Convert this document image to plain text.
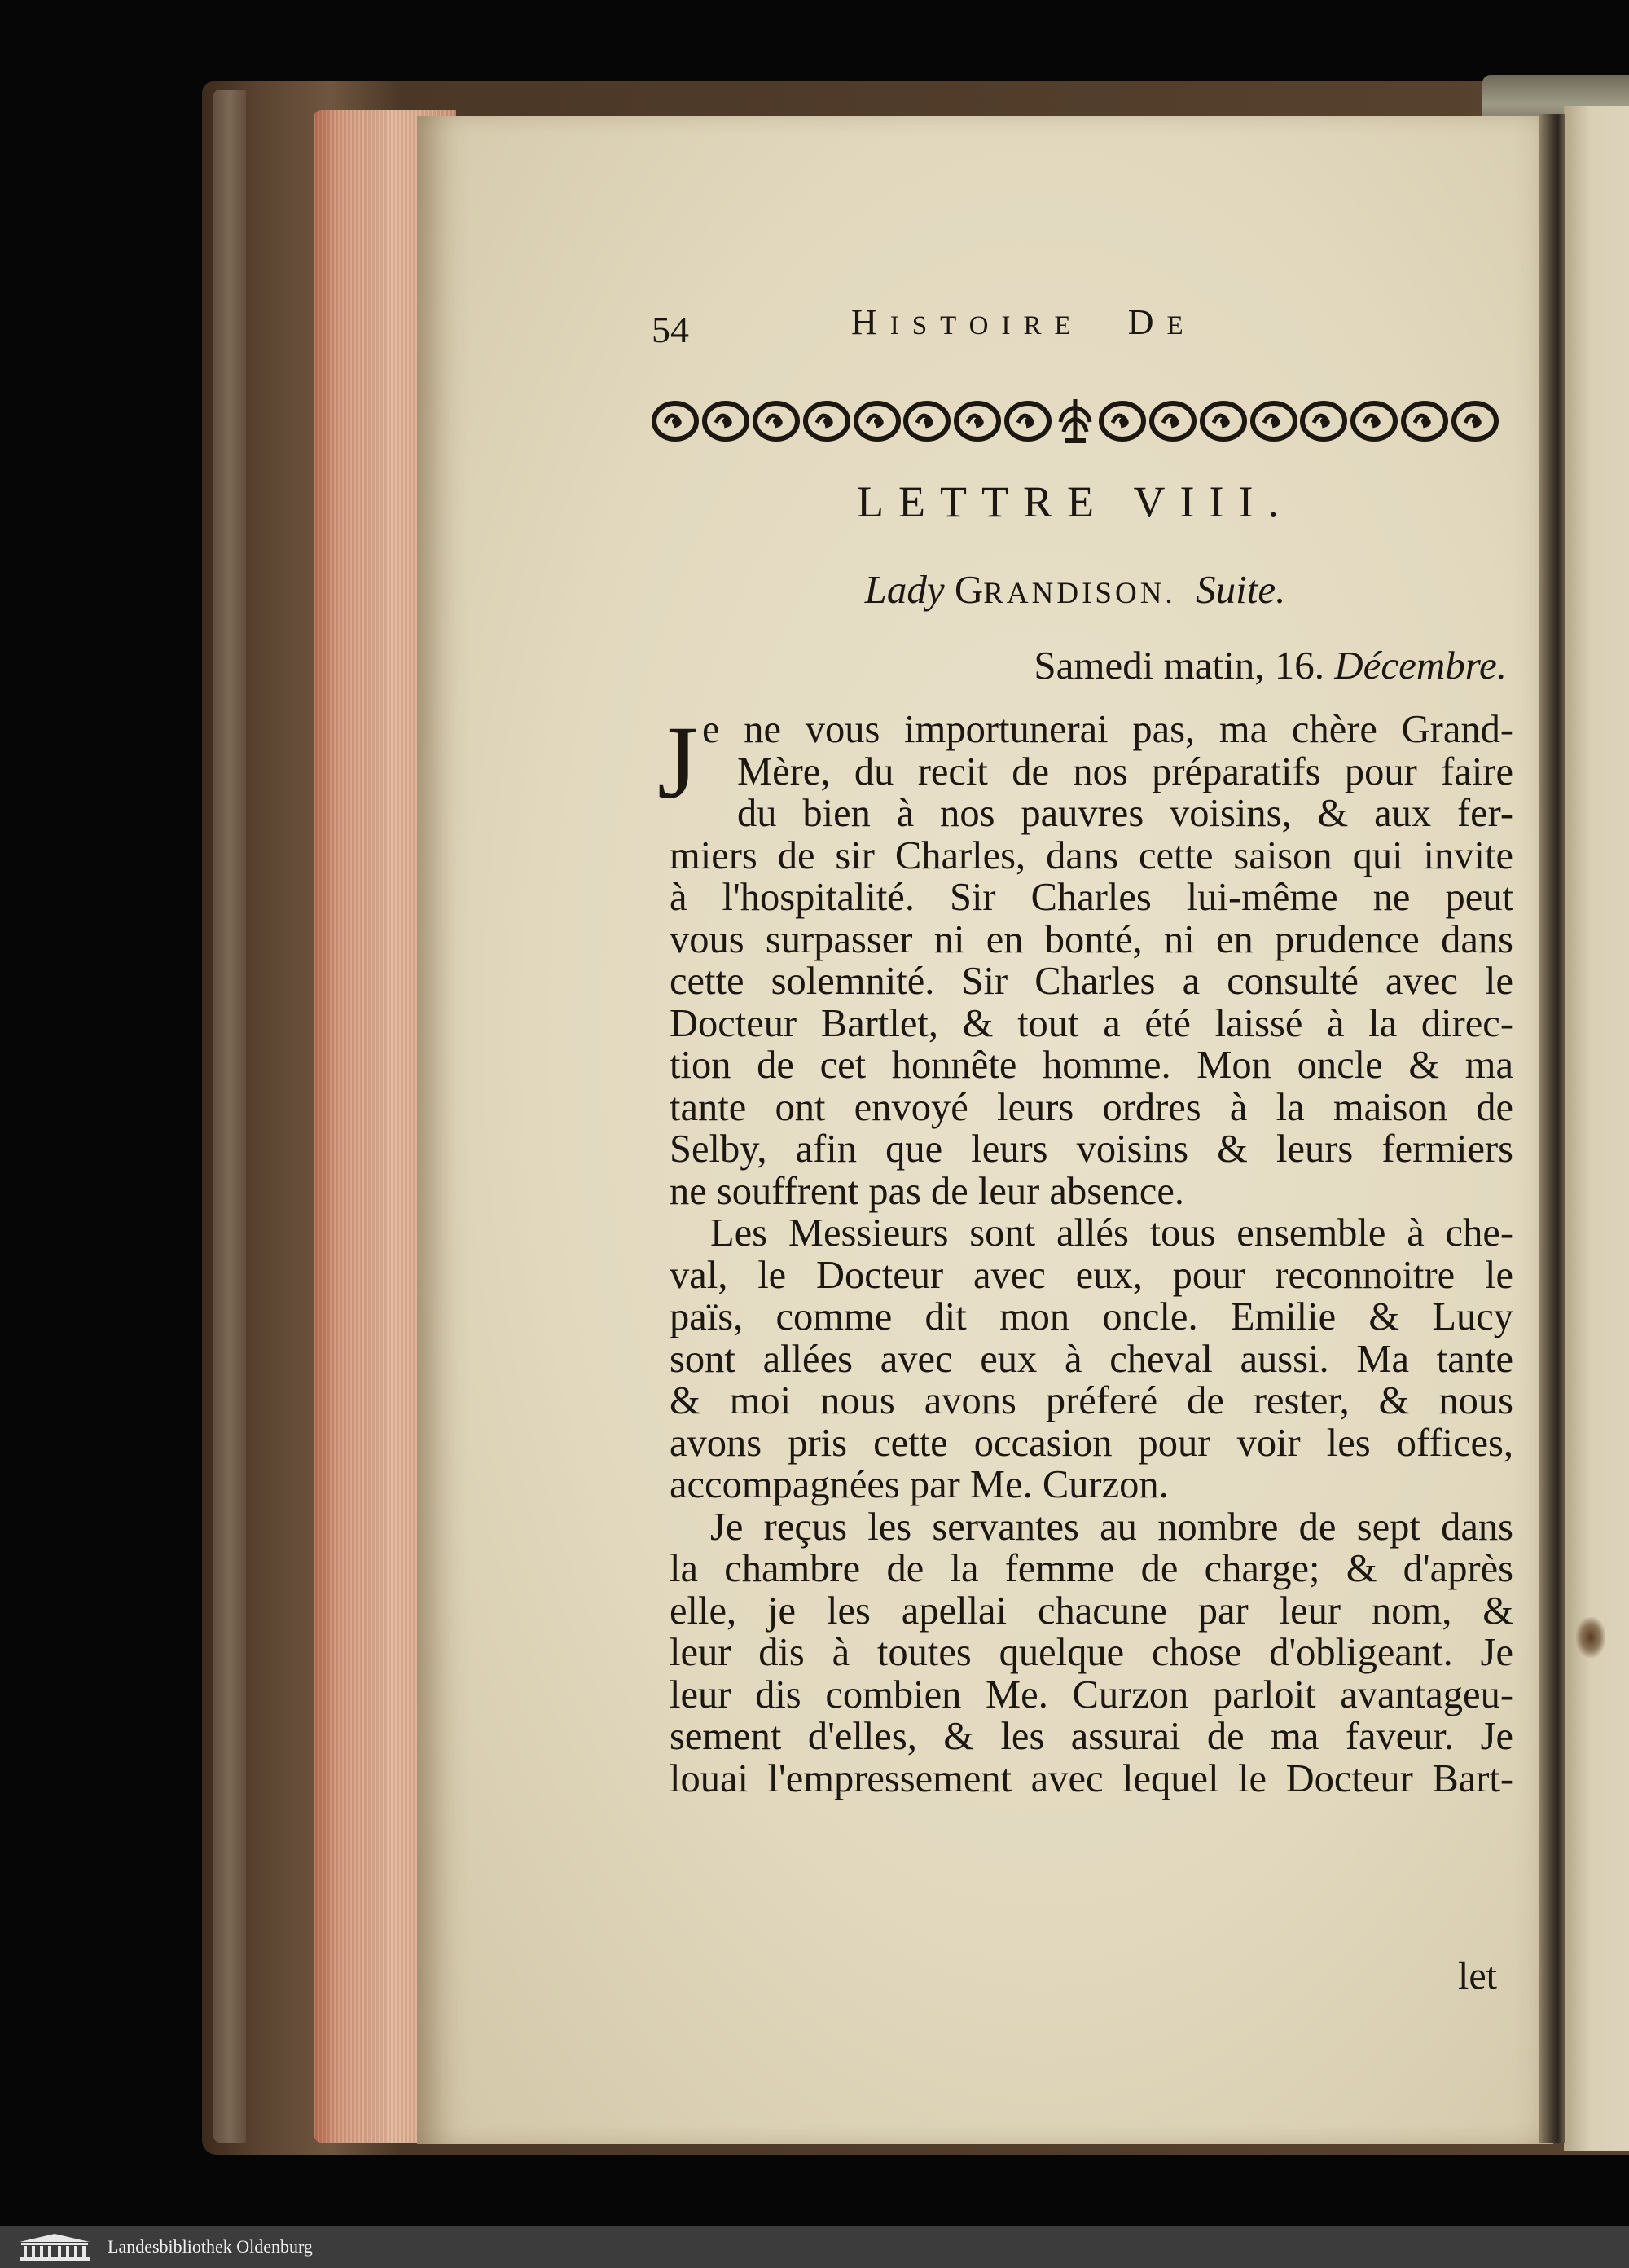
54	HISTOIRE DE
LETTRE VIII.
Lady GRANDISON. Suite.
Samedi matin, 16. Décembre.
J e ne vous importunerai pas, ma chère Grand-
Mère, du recit de nos préparatifs pour faire
du bien à nos pauvres voisins, & aux fer-
miers de sir Charles, dans cette saison qui invite
à l'hospitalité. Sir Charles lui-même ne peut
vous surpasser ni en bonté, ni en prudence dans
cette solemnité. Sir Charles a consulté avec le
Docteur Bartlet, & tout a été laissé à la direc-
tion de cet honnête homme. Mon oncle & ma
tante ont envoyé leurs ordres à la maison de
Selby, afin que leurs voisins & leurs fermiers
ne souffrent pas de leur absence.
Les Messieurs sont allés tous ensemble à che-
val, le Docteur avec eux, pour reconnoitre le
païs, comme dit mon oncle. Emilie & Lucy
sont allées avec eux à cheval aussi. Ma tante
& moi nous avons préferé de rester, & nous
avons pris cette occasion pour voir les offices,
accompagnées par Me. Curzon.
Je reçus les servantes au nombre de sept dans
la chambre de la femme de charge; & d'après
elle, je les apellai chacune par leur nom, &
leur dis à toutes quelque chose d'obligeant. Je
leur dis combien Me. Curzon parloit avantageu-
sement d'elles, & les assurai de ma faveur. Je
louai l'empressement avec lequel le Docteur Bart-
let
Landesbibliothek Oldenburg
